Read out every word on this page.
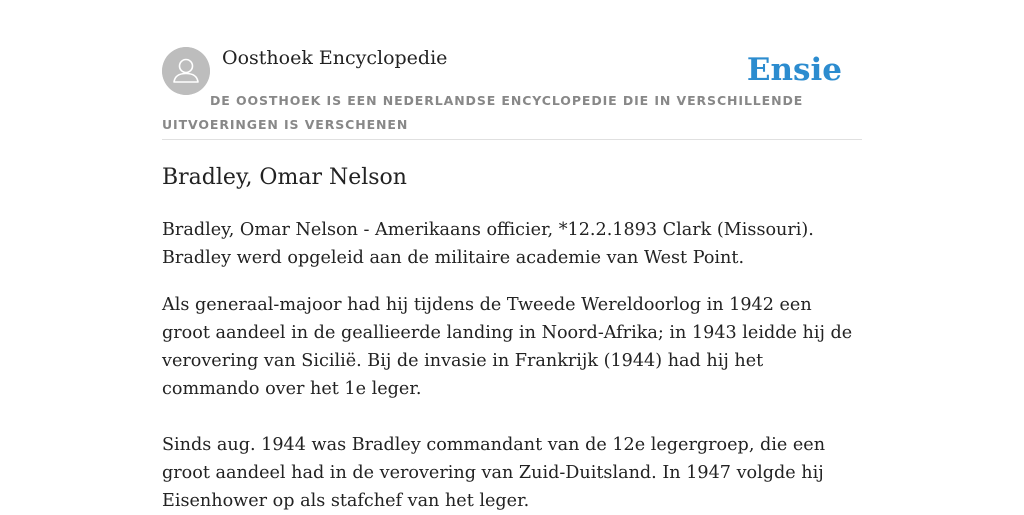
Oosthoek Encyclopedie	Ensie
DE OOSTHOEK IS EEN NEDERLANDSE ENCYCLOPEDIE DIE IN VERSCHILLENDE UITVOERINGEN IS VERSCHENEN
Bradley, Omar Nelson

Bradley, Omar Nelson - Amerikaans officier, *12.2.1893 Clark (Missouri). Bradley werd opgeleid aan de militaire academie van West Point.

Als generaal-majoor had hij tijdens de Tweede Wereldoorlog in 1942 een groot aandeel in de geallieerde landing in Noord-Afrika; in 1943 leidde hij de verovering van Sicilië. Bij de invasie in Frankrijk (1944) had hij het commando over het 1e leger.

Sinds aug. 1944 was Bradley commandant van de 12e legergroep, die een groot aandeel had in de verovering van Zuid-Duitsland. In 1947 volgde hij Eisenhower op als stafchef van het leger.
